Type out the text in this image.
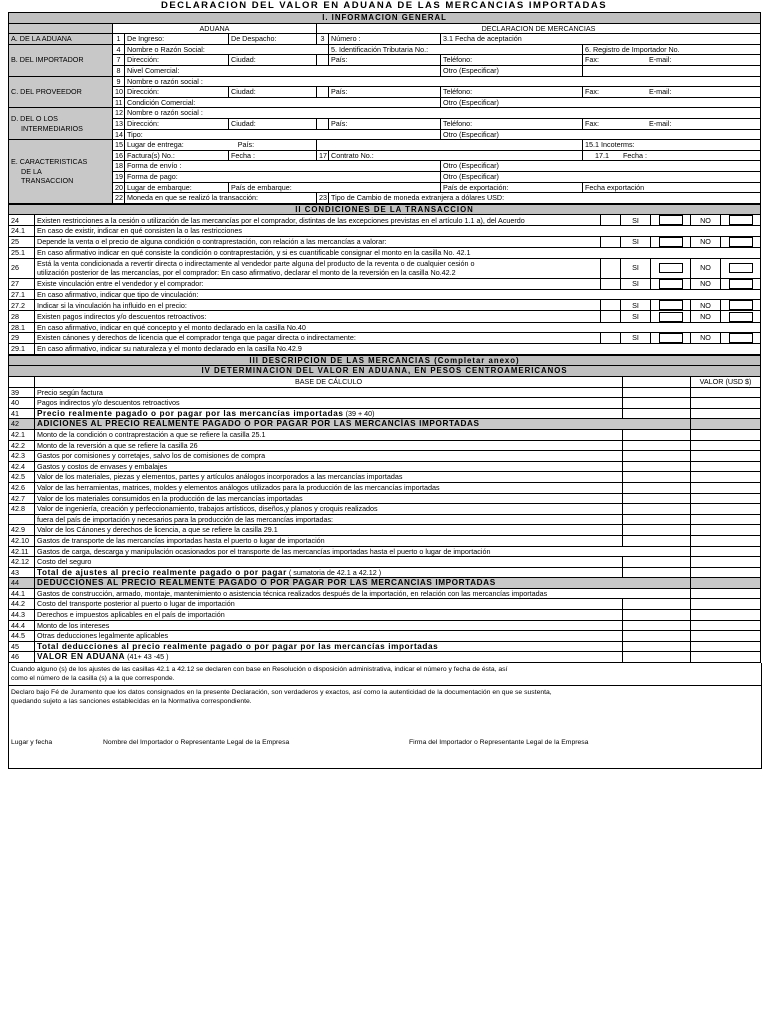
DECLARACION DEL VALOR EN ADUANA DE LAS MERCANCIAS IMPORTADAS
I. INFORMACION GENERAL							
	ADUANA			DECLARACION DE MERCANCIAS			
A. DE LA ADUANA	1	De Ingreso:	De Despacho:	3	Número :	3.1 Fecha de aceptación	
B. DEL IMPORTADOR	4	Nombre o Razón Social:			5. Identificación Tributaria No.:		6. Registro de Importador No.
	7	Dirección:	Ciudad:		País:	Teléfono:	Fax: E-mail:
	8	Nivel Comercial:				Otro (Especificar)	
C. DEL PROVEEDOR	9	Nombre o razón social :					
	10	Dirección:	Ciudad:		País:	Teléfono:	Fax: E-mail:
	11	Condición Comercial:				Otro (Especificar)	

D. DEL O LOS
INTERMEDIARIOS	12	Nombre o razón social :					
	13	Dirección:	Ciudad:		País:	Teléfono:	Fax: E-mail:
	14	Tipo:				Otro (Especificar)	

E. CARACTERISTICAS
DE LA
TRANSACCION	15	Lugar de entrega: País:					15.1 Incoterms:
	16	Factura(s) No.:	Fecha :	17	Contrato No.:		17.1 Fecha :
	18	Forma de envío :				Otro (Especificar)	
	19	Forma de pago:				Otro (Especificar)	
	20	Lugar de embarque:	País de embarque:			País de exportación:	Fecha exportación
	22	Moneda en que se realizó la transacción:		23	Tipo de Cambio de moneda extranjera a dólares USD:		
II CONDICIONES DE LA TRANSACCION						
24	Existen restricciones a la cesión o utilización de las mercancías por el comprador, distintas de las excepciones previstas en el artículo 1.1 a), del Acuerdo		SI		NO	
24.1	En caso de existir, indicar en qué consisten la o las restricciones					
25	Depende la venta o el precio de alguna condición o contraprestación, con relación a las mercancías a valorar:		SI		NO	
25.1	En caso afirmativo indicar en qué consiste la condición o contraprestación, y si es cuantificable consignar el monto en la casilla No. 42.1					
26	Está la venta condicionada a revertir directa o indirectamente al vendedor parte alguna del producto de la reventa o de cualquier cesión o
utilización posterior de las mercancías, por el comprador: En caso afirmativo, declarar el monto de la reversión en la casilla No.42.2		SI		NO	
27	Existe vinculación entre el vendedor y el comprador:		SI		NO	
27.1	En caso afirmativo, indicar que tipo de vinculación:					
27.2	Indicar si la vinculación ha influido en el precio:		SI		NO	
28	Existen pagos indirectos y/o descuentos retroactivos:		SI		NO	
28.1	En caso afirmativo, indicar en qué concepto y el monto declarado en la casilla No.40					
29	Existen cánones y derechos de licencia que el comprador tenga que pagar directa o indirectamente:		SI		NO	
29.1	En caso afirmativo, indicar su naturaleza y el monto declarado en la casilla No.42.9					
III DESCRIPCION DE LAS MERCANCIAS (Completar anexo)			
IV DETERMINACION DEL VALOR EN ADUANA, EN PESOS CENTROAMERICANOS			
	BASE DE CÁLCULO		VALOR (USD $)
39	Precio según factura		
40	Pagos indirectos y/o descuentos retroactivos		
41	Precio realmente pagado o por pagar por las mercancías importadas (39 + 40)		
42	ADICIONES AL PRECIO REALMENTE PAGADO O POR PAGAR POR LAS MERCANCÍAS IMPORTADAS		
42.1	Monto de la condición o contraprestación a que se refiere la casilla 25.1		
42.2	Monto de la reversión a que se refiere la casilla 26		
42.3	Gastos por comisiones y corretajes, salvo los de comisiones de compra		
42.4	Gastos y costos de envases y embalajes		
42.5	Valor de los materiales, piezas y elementos, partes y artículos análogos incorporados a las mercancías importadas		
42.6	Valor de las herramientas, matrices, moldes y elementos análogos utilizados para la producción de las mercancías importadas		
42.7	Valor de los materiales consumidos en la producción de las mercancías importadas		
42.8	Valor de ingeniería, creación y perfeccionamiento, trabajos artísticos, diseños,y planos y croquis realizados		
	fuera del país de importación y necesarios para la producción de las mercancías importadas:		
42.9	Valor de los Cánones y derechos de licencia, a que se refiere la casilla 29.1		
42.10	Gastos de transporte de las mercancías importadas hasta el puerto o lugar de importación		
42.11	Gastos de carga, descarga y manipulación ocasionados por el transporte de las mercancías importadas hasta el puerto o lugar de importación		
42.12	Costo del seguro		
43	Total de ajustes al precio realmente pagado o por pagar ( sumatoria de 42.1 a 42.12 )		
44	DEDUCCIONES AL PRECIO REALMENTE PAGADO O POR PAGAR POR LAS MERCANCIAS IMPORTADAS		
44.1	Gastos de construcción, armado, montaje, mantenimiento o asistencia técnica realizados después de la importación, en relación con las mercancías importadas		
44.2	Costo del transporte posterior al puerto o lugar de importación		
44.3	Derechos e impuestos aplicables en el país de importación		
44.4	Monto de los intereses		
44.5	Otras deducciones legalmente aplicables		
45	Total deducciones al precio realmente pagado o por pagar por las mercancías importadas		
46	VALOR EN ADUANA (41+ 43 -45 )		
Cuando alguno (s) de los ajustes de las casillas 42.1 a 42.12 se declaren con base en Resolución o disposición administrativa, indicar el número y fecha de ésta, así
como el número de la casilla (s) a la que corresponde.
Declaro bajo Fé de Juramento que los datos consignados en la presente Declaración, son verdaderos y exactos, así como la autenticidad de la documentación en que se sustenta,
quedando sujeto a las sanciones establecidas en la Normativa correspondiente.
Lugar y fecha	Nombre del Importador o Representante Legal de la Empresa	Firma del Importador o Representante Legal de la Empresa
